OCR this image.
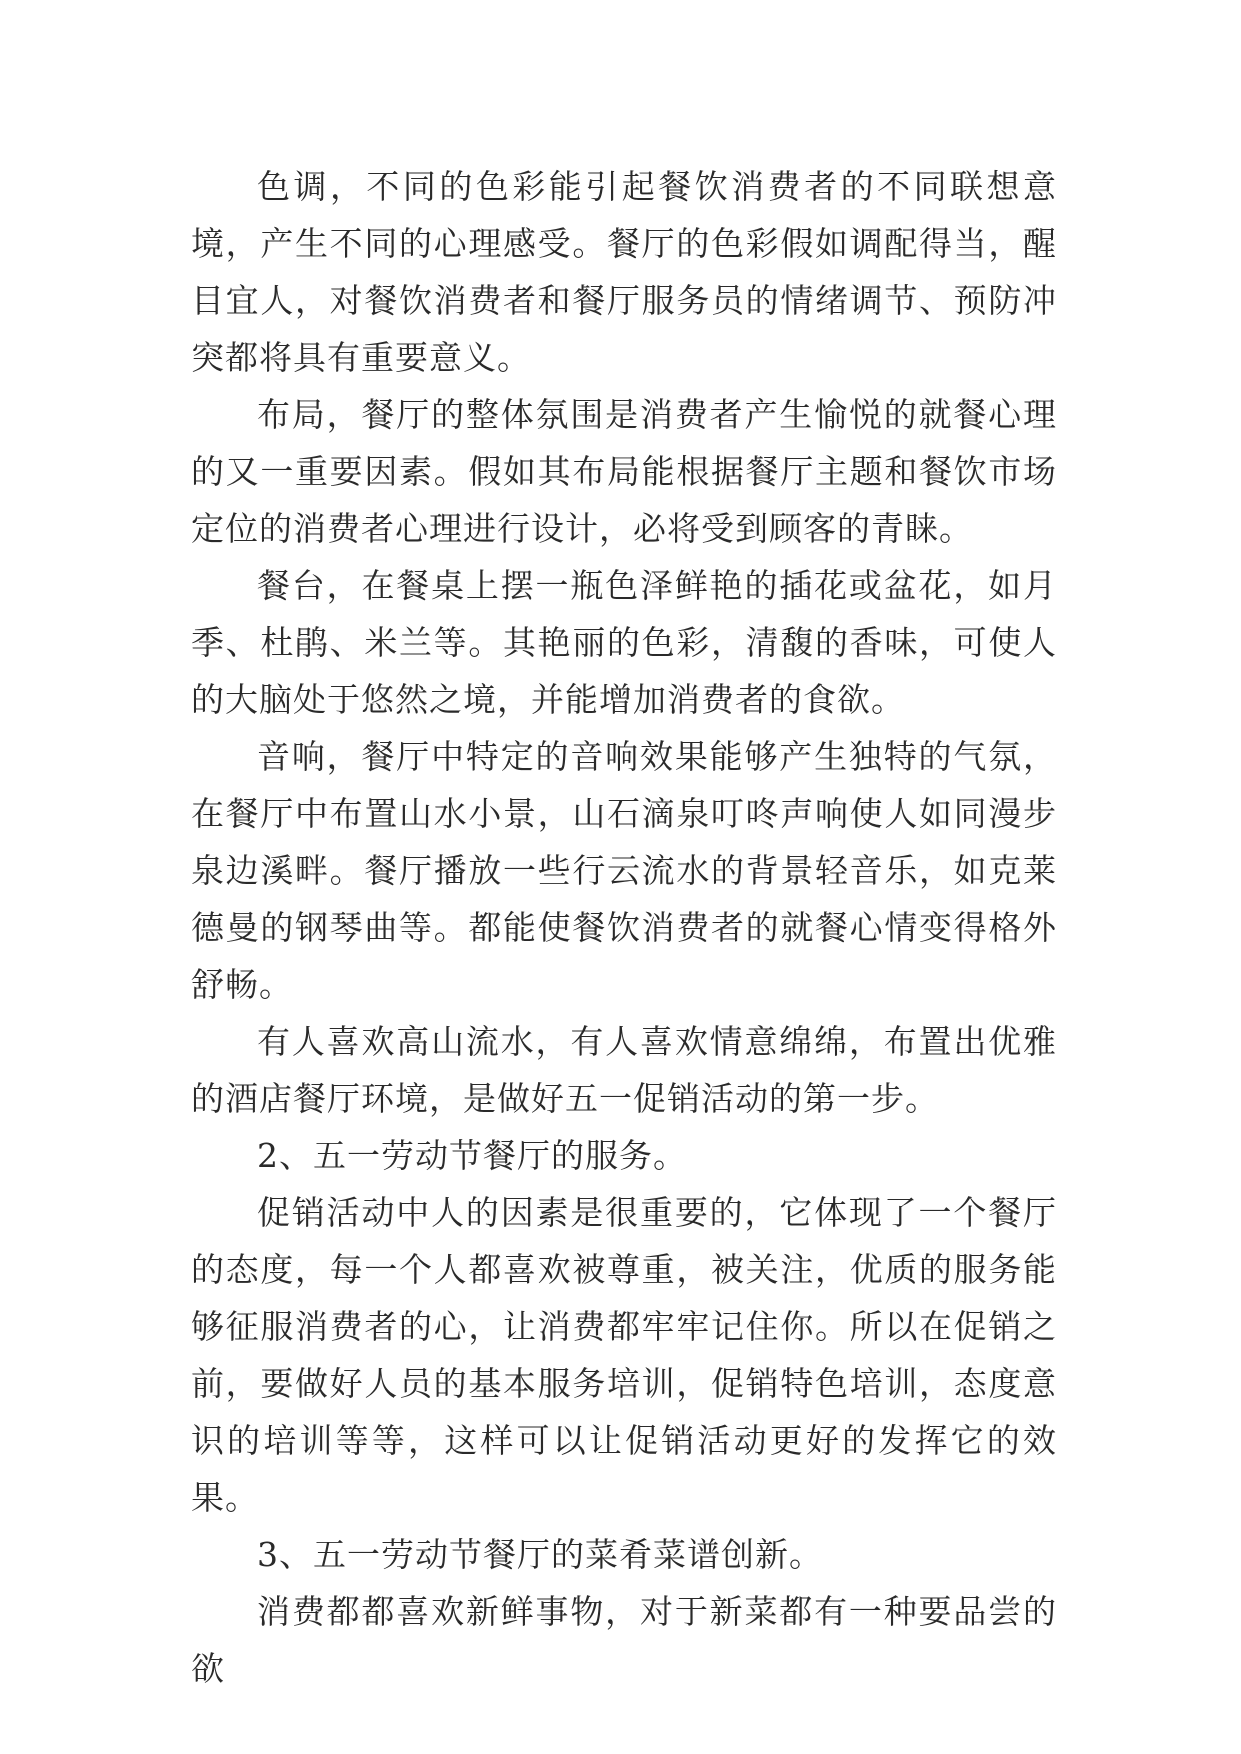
色调，不同的色彩能引起餐饮消费者的不同联想意境，产生不同的心理感受。餐厅的色彩假如调配得当，醒目宜人，对餐饮消费者和餐厅服务员的情绪调节、预防冲突都将具有重要意义。

布局，餐厅的整体氛围是消费者产生愉悦的就餐心理的又一重要因素。假如其布局能根据餐厅主题和餐饮市场定位的消费者心理进行设计，必将受到顾客的青睐。

餐台，在餐桌上摆一瓶色泽鲜艳的插花或盆花，如月季、杜鹃、米兰等。其艳丽的色彩，清馥的香味，可使人的大脑处于悠然之境，并能增加消费者的食欲。

音响，餐厅中特定的音响效果能够产生独特的气氛，在餐厅中布置山水小景，山石滴泉叮咚声响使人如同漫步泉边溪畔。餐厅播放一些行云流水的背景轻音乐，如克莱德曼的钢琴曲等。都能使餐饮消费者的就餐心情变得格外舒畅。

有人喜欢高山流水，有人喜欢情意绵绵，布置出优雅的酒店餐厅环境，是做好五一促销活动的第一步。

2、五一劳动节餐厅的服务。

促销活动中人的因素是很重要的，它体现了一个餐厅的态度，每一个人都喜欢被尊重，被关注，优质的服务能够征服消费者的心，让消费都牢牢记住你。所以在促销之前，要做好人员的基本服务培训，促销特色培训，态度意识的培训等等，这样可以让促销活动更好的发挥它的效果。

3、五一劳动节餐厅的菜肴菜谱创新。

消费都都喜欢新鲜事物，对于新菜都有一种要品尝的欲
